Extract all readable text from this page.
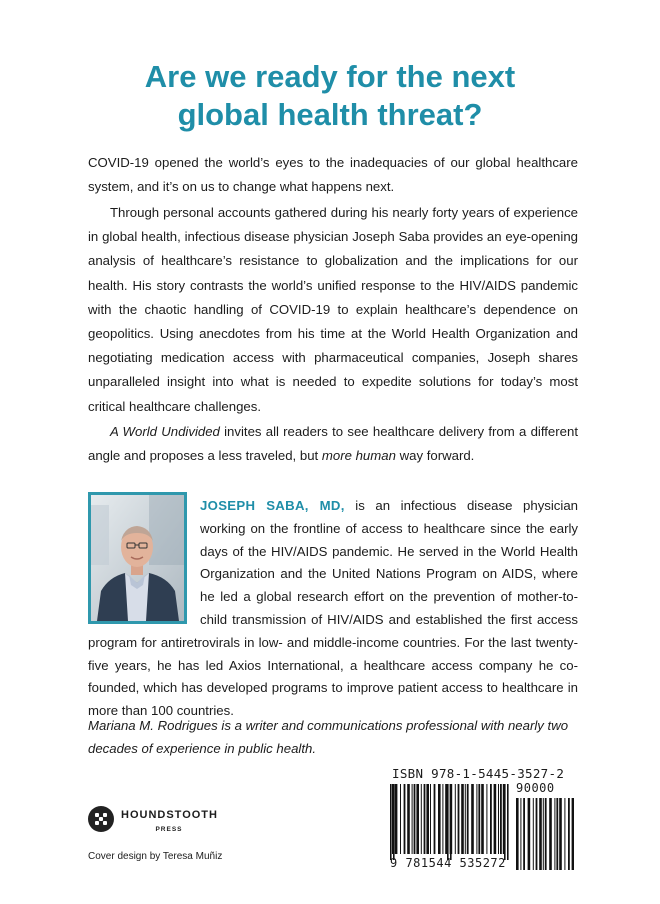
Are we ready for the next
global health threat?
COVID-19 opened the world’s eyes to the inadequacies of our global healthcare system, and it’s on us to change what happens next.
Through personal accounts gathered during his nearly forty years of experience in global health, infectious disease physician Joseph Saba provides an eye-opening analysis of healthcare’s resistance to globalization and the implications for our health. His story contrasts the world’s unified response to the HIV/AIDS pandemic with the chaotic handling of COVID-19 to explain healthcare’s dependence on geopolitics. Using anecdotes from his time at the World Health Organization and negotiating medication access with pharmaceutical companies, Joseph shares unparalleled insight into what is needed to expedite solutions for today’s most critical healthcare challenges.
A World Undivided invites all readers to see healthcare delivery from a different angle and proposes a less traveled, but more human way forward.
JOSEPH SABA, MD, is an infectious disease physician working on the frontline of access to healthcare since the early days of the HIV/AIDS pandemic. He served in the World Health Organization and the United Nations Program on AIDS, where he led a global research effort on the prevention of mother-to-child transmission of HIV/AIDS and established the first access program for antiretrovirals in low- and middle-income countries. For the last twenty-five years, he has led Axios International, a healthcare access company he co-founded, which has developed programs to improve patient access to healthcare in more than 100 countries.
Mariana M. Rodrigues is a writer and communications professional with nearly two decades of experience in public health.
HOUNDSTOOTH
PRESS
Cover design by Teresa Muñiz
ISBN 978-1-5445-3527-2
9 781544 535272
90000
